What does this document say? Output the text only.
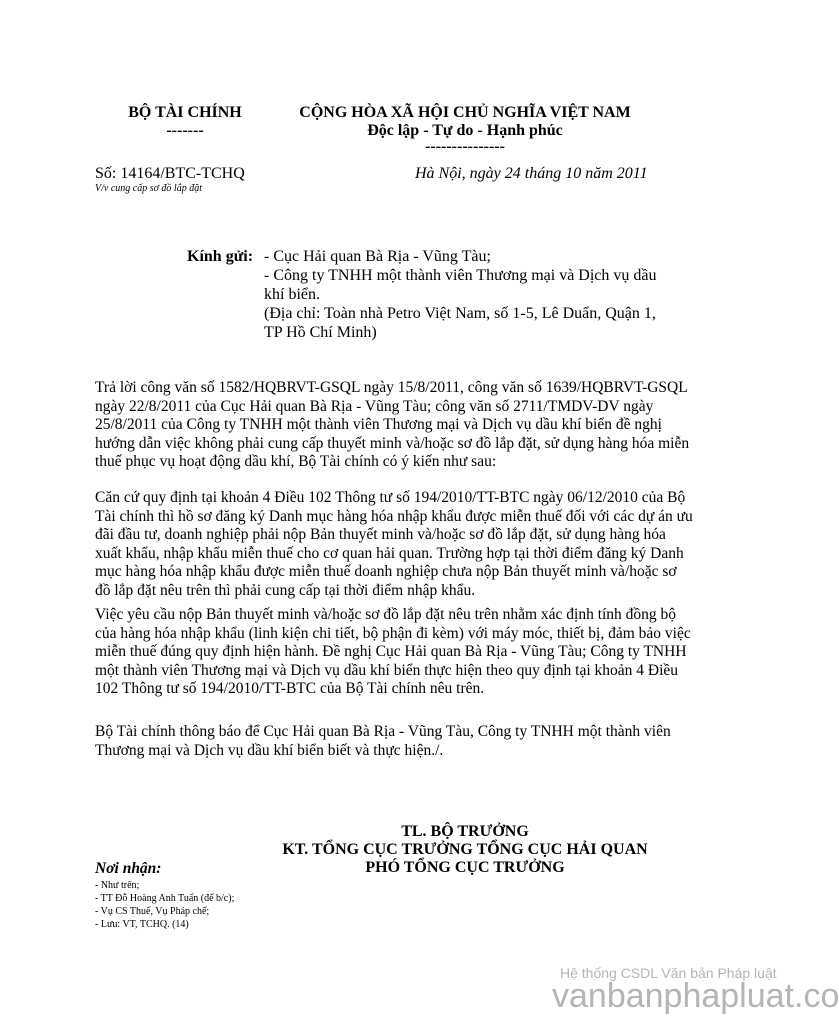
BỘ TÀI CHÍNH
-------
CỘNG HÒA XÃ HỘI CHỦ NGHĨA VIỆT NAM
Độc lập - Tự do - Hạnh phúc
---------------
Số: 14164/BTC-TCHQ
V/v cung cấp sơ đồ lắp đặt
Hà Nội, ngày 24 tháng 10 năm 2011
Kính gửi: - Cục Hải quan Bà Rịa - Vũng Tàu;
- Công ty TNHH một thành viên Thương mại và Dịch vụ dầu
khí biển.
(Địa chỉ: Toàn nhà Petro Việt Nam, số 1-5, Lê Duẩn, Quận 1,
TP Hồ Chí Minh)

Trả lời công văn số 1582/HQBRVT-GSQL ngày 15/8/2011, công văn số 1639/HQBRVT-GSQL ngày 22/8/2011 của Cục Hải quan Bà Rịa - Vũng Tàu; công văn số 2711/TMDV-DV ngày 25/8/2011 của Công ty TNHH một thành viên Thương mại và Dịch vụ dầu khí biển đề nghị hướng dẫn việc không phải cung cấp thuyết minh và/hoặc sơ đồ lắp đặt, sử dụng hàng hóa miễn thuế phục vụ hoạt động dầu khí, Bộ Tài chính có ý kiến như sau:

Căn cứ quy định tại khoản 4 Điều 102 Thông tư số 194/2010/TT-BTC ngày 06/12/2010 của Bộ Tài chính thì hồ sơ đăng ký Danh mục hàng hóa nhập khẩu được miễn thuế đối với các dự án ưu đãi đầu tư, doanh nghiệp phải nộp Bản thuyết minh và/hoặc sơ đồ lắp đặt, sử dụng hàng hóa xuất khẩu, nhập khẩu miễn thuế cho cơ quan hải quan. Trường hợp tại thời điểm đăng ký Danh mục hàng hóa nhập khẩu được miễn thuế doanh nghiệp chưa nộp Bản thuyết minh và/hoặc sơ đồ lắp đặt nêu trên thì phải cung cấp tại thời điểm nhập khẩu.

Việc yêu cầu nộp Bản thuyết minh và/hoặc sơ đồ lắp đặt nêu trên nhằm xác định tính đồng bộ của hàng hóa nhập khẩu (linh kiện chi tiết, bộ phận đi kèm) với máy móc, thiết bị, đảm bảo việc miễn thuế đúng quy định hiện hành. Đề nghị Cục Hải quan Bà Rịa - Vũng Tàu; Công ty TNHH một thành viên Thương mại và Dịch vụ dầu khí biển thực hiện theo quy định tại khoản 4 Điều 102 Thông tư số 194/2010/TT-BTC của Bộ Tài chính nêu trên.

Bộ Tài chính thông báo để Cục Hải quan Bà Rịa - Vũng Tàu, Công ty TNHH một thành viên Thương mại và Dịch vụ dầu khí biển biết và thực hiện./.

TL. BỘ TRƯỞNG
KT. TỔNG CỤC TRƯỞNG TỔNG CỤC HẢI QUAN
PHÓ TỔNG CỤC TRƯỞNG
Nơi nhận:
- Như trên;
- TT Đỗ Hoàng Anh Tuấn (để b/c);
- Vụ CS Thuế, Vụ Pháp chế;
- Lưu: VT, TCHQ. (14)
Hệ thống CSDL Văn bản Pháp luật
vanbanphapluat.co
